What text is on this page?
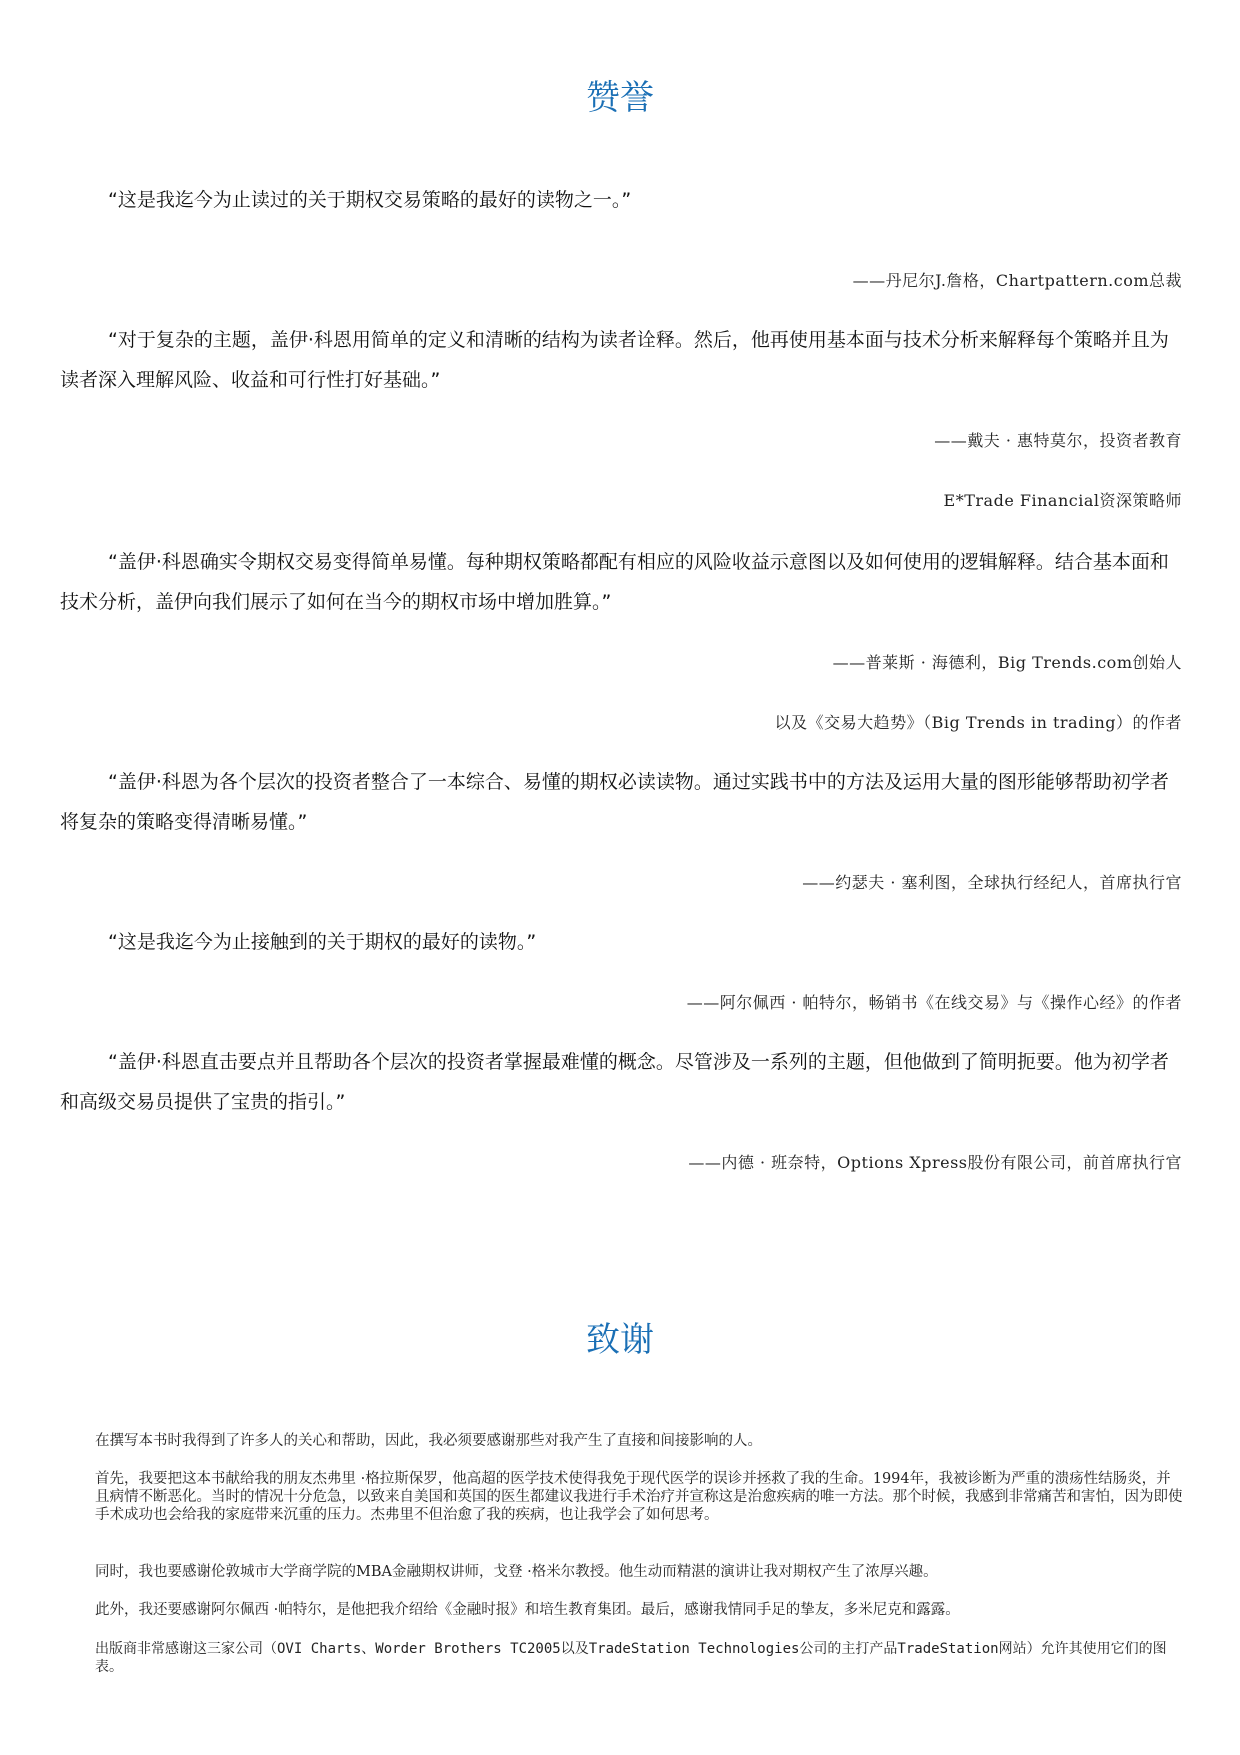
赞誉

“这是我迄今为止读过的关于期权交易策略的最好的读物之一。”

——丹尼尔J.詹格，Chartpattern.com总裁

“对于复杂的主题，盖伊·科恩用简单的定义和清晰的结构为读者诠释。然后，他再使用基本面与技术分析来解释每个策略并且为读者深入理解风险、收益和可行性打好基础。”

——戴夫 · 惠特莫尔，投资者教育

E*Trade Financial资深策略师

“盖伊·科恩确实令期权交易变得简单易懂。每种期权策略都配有相应的风险收益示意图以及如何使用的逻辑解释。结合基本面和技术分析，盖伊向我们展示了如何在当今的期权市场中增加胜算。”

——普莱斯 · 海德利，Big Trends.com创始人

以及《交易大趋势》（Big Trends in trading）的作者

“盖伊·科恩为各个层次的投资者整合了一本综合、易懂的期权必读读物。通过实践书中的方法及运用大量的图形能够帮助初学者将复杂的策略变得清晰易懂。”

——约瑟夫 · 塞利图，全球执行经纪人，首席执行官

“这是我迄今为止接触到的关于期权的最好的读物。”

——阿尔佩西 · 帕特尔，畅销书《在线交易》与《操作心经》的作者

“盖伊·科恩直击要点并且帮助各个层次的投资者掌握最难懂的概念。尽管涉及一系列的主题，但他做到了简明扼要。他为初学者和高级交易员提供了宝贵的指引。”

——内德 · 班奈特，Options Xpress股份有限公司，前首席执行官

致谢

在撰写本书时我得到了许多人的关心和帮助，因此，我必须要感谢那些对我产生了直接和间接影响的人。

首先，我要把这本书献给我的朋友杰弗里 ·格拉斯保罗，他高超的医学技术使得我免于现代医学的误诊并拯救了我的生命。1994年，我被诊断为严重的溃疡性结肠炎，并且病情不断恶化。当时的情况十分危急，以致来自美国和英国的医生都建议我进行手术治疗并宣称这是治愈疾病的唯一方法。那个时候，我感到非常痛苦和害怕，因为即使手术成功也会给我的家庭带来沉重的压力。杰弗里不但治愈了我的疾病，也让我学会了如何思考。

同时，我也要感谢伦敦城市大学商学院的MBA金融期权讲师，戈登 ·格米尔教授。他生动而精湛的演讲让我对期权产生了浓厚兴趣。

此外，我还要感谢阿尔佩西 ·帕特尔，是他把我介绍给《金融时报》和培生教育集团。最后，感谢我情同手足的挚友，多米尼克和露露。

出版商非常感谢这三家公司（OVI Charts、Worder Brothers TC2005以及TradeStation Technologies公司的主打产品TradeStation网站）允许其使用它们的图表。
